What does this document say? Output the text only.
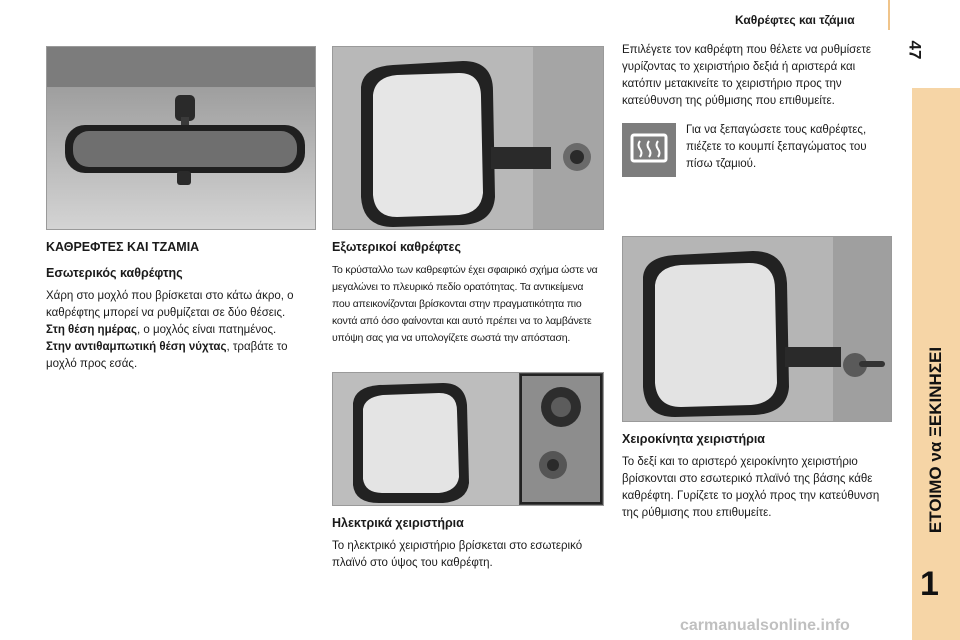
Καθρέφτες και τζάμια
47
ΕΤΟΙΜΟ να ΞΕΚΙΝΗΣΕΙ
1
ΚΑΘΡΕΦΤΕΣ ΚΑΙ ΤΖΑΜΙΑ
Εσωτερικός καθρέφτης

Χάρη στο μοχλό που βρίσκεται στο κάτω άκρο, ο καθρέφτης μπορεί να ρυθμίζεται σε δύο θέσεις.

Στη θέση ημέρας, ο μοχλός είναι πατημένος.

Στην αντιθαμπωτική θέση νύχτας, τραβάτε το μοχλό προς εσάς.

Εξωτερικοί καθρέφτες

Το κρύσταλλο των καθρεφτών έχει σφαιρικό σχήμα ώστε να μεγαλώνει το πλευρικό πεδίο ορατότητας. Τα αντικείμενα που απεικονίζονται βρίσκονται στην πραγματικότητα πιο κοντά από όσο φαίνονται και αυτό πρέπει να το λαμβάνετε υπόψη σας για να υπολογίζετε σωστά την απόσταση.

Ηλεκτρικά χειριστήρια

Το ηλεκτρικό χειριστήριο βρίσκεται στο εσωτερικό πλαϊνό στο ύψος του καθρέφτη.

Επιλέγετε τον καθρέφτη που θέλετε να ρυθμίσετε γυρίζοντας το χειριστήριο δεξιά ή αριστερά και κατόπιν μετακινείτε το χειριστήριο προς την κατεύθυνση της ρύθμισης που επιθυμείτε.

Για να ξεπαγώσετε τους καθρέφτες, πιέζετε το κουμπί ξεπαγώματος του πίσω τζαμιού.

Χειροκίνητα χειριστήρια

Το δεξί και το αριστερό χειροκίνητο χειριστήριο βρίσκονται στο εσωτερικό πλαϊνό της βάσης κάθε καθρέφτη. Γυρίζετε το μοχλό προς την κατεύθυνση της ρύθμισης που επιθυμείτε.

carmanualsonline.info
